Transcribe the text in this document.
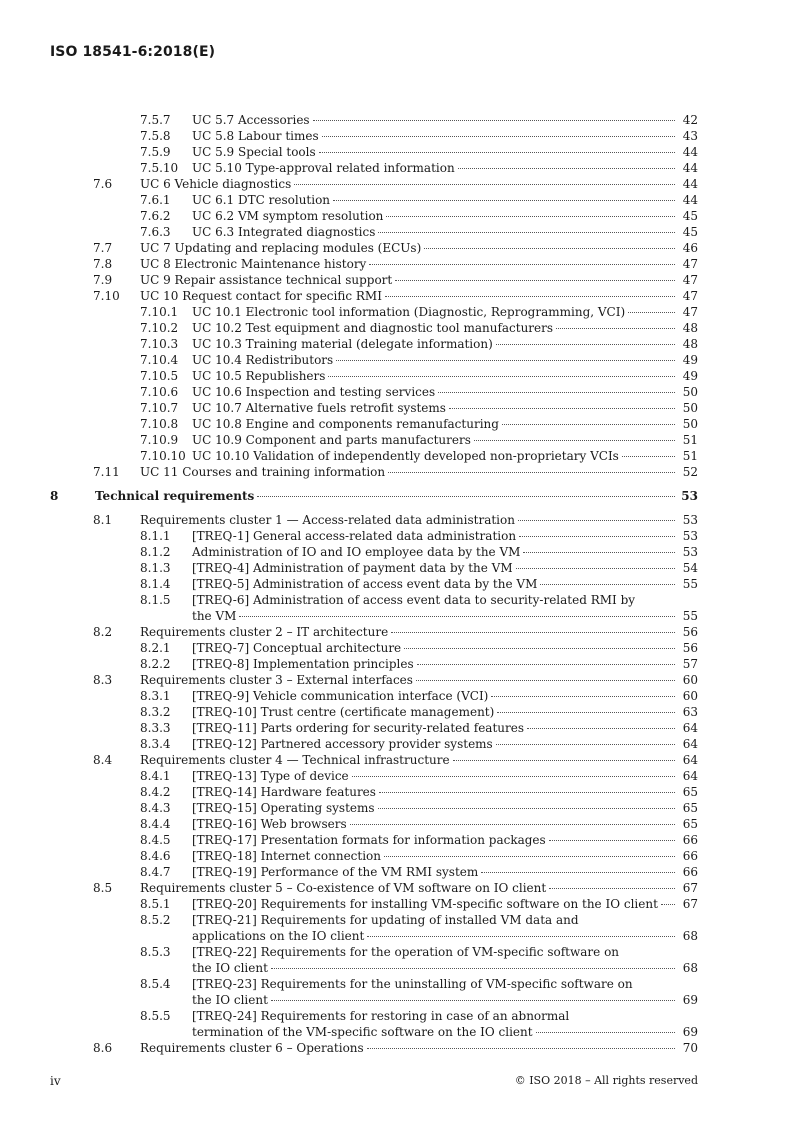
ISO 18541-6:2018(E)
7.5.7 UC 5.7 Accessories	42
7.5.8 UC 5.8 Labour times	43
7.5.9 UC 5.9 Special tools	44
7.5.10 UC 5.10 Type-approval related information	44
7.6 UC 6 Vehicle diagnostics	44
7.6.1 UC 6.1 DTC resolution	44
7.6.2 UC 6.2 VM symptom resolution	45
7.6.3 UC 6.3 Integrated diagnostics	45
7.7 UC 7 Updating and replacing modules (ECUs)	46
7.8 UC 8 Electronic Maintenance history	47
7.9 UC 9 Repair assistance technical support	47
7.10 UC 10 Request contact for specific RMI	47
7.10.1 UC 10.1 Electronic tool information (Diagnostic, Reprogramming, VCI)	47
7.10.2 UC 10.2 Test equipment and diagnostic tool manufacturers	48
7.10.3 UC 10.3 Training material (delegate information)	48
7.10.4 UC 10.4 Redistributors	49
7.10.5 UC 10.5 Republishers	49
7.10.6 UC 10.6 Inspection and testing services	50
7.10.7 UC 10.7 Alternative fuels retrofit systems	50
7.10.8 UC 10.8 Engine and components remanufacturing	50
7.10.9 UC 10.9 Component and parts manufacturers	51
7.10.10 UC 10.10 Validation of independently developed non-proprietary VCIs	51
7.11 UC 11 Courses and training information	52
8	Technical requirements	53
8.1 Requirements cluster 1 — Access-related data administration	53
8.1.1 [TREQ-1] General access-related data administration	53
8.1.2 Administration of IO and IO employee data by the VM	53
8.1.3 [TREQ-4] Administration of payment data by the VM	54
8.1.4 [TREQ-5] Administration of access event data by the VM	55
8.1.5 [TREQ-6] Administration of access event data to security-related RMI by
the VM	55
8.2 Requirements cluster 2 – IT architecture	56
8.2.1 [TREQ-7] Conceptual architecture	56
8.2.2 [TREQ-8] Implementation principles	57
8.3 Requirements cluster 3 – External interfaces	60
8.3.1 [TREQ-9] Vehicle communication interface (VCI)	60
8.3.2 [TREQ-10] Trust centre (certificate management)	63
8.3.3 [TREQ-11] Parts ordering for security-related features	64
8.3.4 [TREQ-12] Partnered accessory provider systems	64
8.4 Requirements cluster 4 — Technical infrastructure	64
8.4.1 [TREQ-13] Type of device	64
8.4.2 [TREQ-14] Hardware features	65
8.4.3 [TREQ-15] Operating systems	65
8.4.4 [TREQ-16] Web browsers	65
8.4.5 [TREQ-17] Presentation formats for information packages	66
8.4.6 [TREQ-18] Internet connection	66
8.4.7 [TREQ-19] Performance of the VM RMI system	66
8.5 Requirements cluster 5 – Co-existence of VM software on IO client	67
8.5.1 [TREQ-20] Requirements for installing VM-specific software on the IO client 67
8.5.2 [TREQ-21] Requirements for updating of installed VM data and
applications on the IO client	68
8.5.3 [TREQ-22] Requirements for the operation of VM-specific software on
the IO client	68
8.5.4 [TREQ-23] Requirements for the uninstalling of VM-specific software on
the IO client	69
8.5.5 [TREQ-24] Requirements for restoring in case of an abnormal
termination of the VM-specific software on the IO client	69
8.6 Requirements cluster 6 – Operations	70
iv	© ISO 2018 – All rights reserved
